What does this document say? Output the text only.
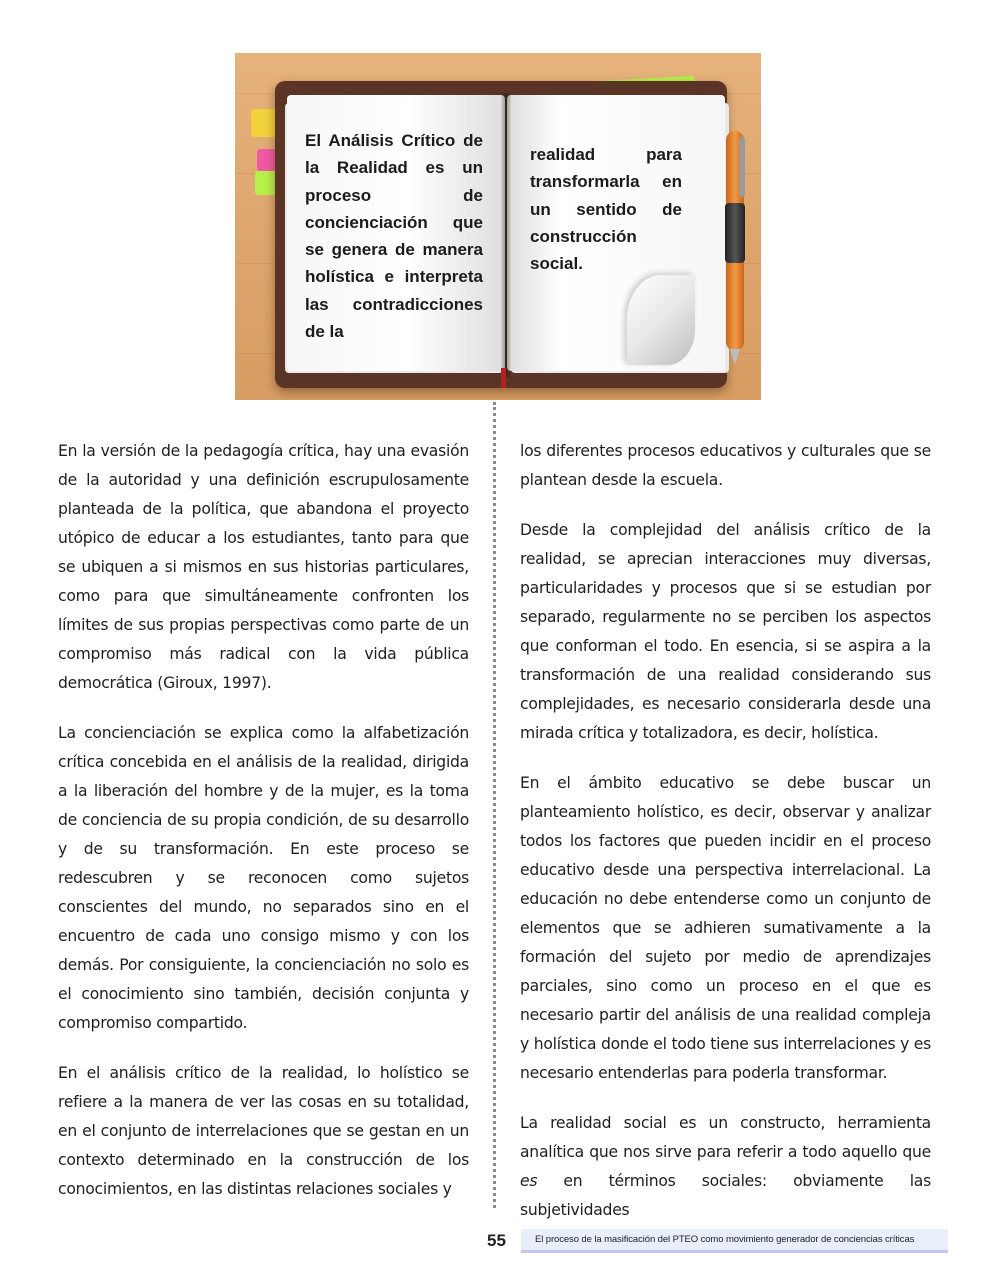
El Análisis Crítico de la Realidad es un proceso de concienciación que se genera de manera holística e interpreta las contradicciones de la

realidad para transformarla en un sentido de construcción social.

En la versión de la pedagogía crítica, hay una evasión de la autoridad y una definición escrupulosamente planteada de la política, que abandona el proyecto utópico de educar a los estudiantes, tanto para que se ubiquen a si mismos en sus historias particulares, como para que simultáneamente confronten los límites de sus propias perspectivas como parte de un compromiso más radical con la vida pública democrática (Giroux, 1997).

La concienciación se explica como la alfabetización crítica concebida en el análisis de la realidad, dirigida a la liberación del hombre y de la mujer, es la toma de conciencia de su propia condición, de su desarrollo y de su transformación. En este proceso se redescubren y se reconocen como sujetos conscientes del mundo, no separados sino en el encuentro de cada uno consigo mismo y con los demás. Por consiguiente, la concienciación no solo es el conocimiento sino también, decisión conjunta y compromiso compartido.

En el análisis crítico de la realidad, lo holístico se refiere a la manera de ver las cosas en su totalidad, en el conjunto de interrelaciones que se gestan en un contexto determinado en la construcción de los conocimientos, en las distintas relaciones sociales y

los diferentes procesos educativos y culturales que se plantean desde la escuela.

Desde la complejidad del análisis crítico de la realidad, se aprecian interacciones muy diversas, particularidades y procesos que si se estudian por separado, regularmente no se perciben los aspectos que conforman el todo. En esencia, si se aspira a la transformación de una realidad considerando sus complejidades, es necesario considerarla desde una mirada crítica y totalizadora, es decir, holística.

En el ámbito educativo se debe buscar un planteamiento holístico, es decir, observar y analizar todos los factores que pueden incidir en el proceso educativo desde una perspectiva interrelacional. La educación no debe entenderse como un conjunto de elementos que se adhieren sumativamente a la formación del sujeto por medio de aprendizajes parciales, sino como un proceso en el que es necesario partir del análisis de una realidad compleja y holística donde el todo tiene sus interrelaciones y es necesario entenderlas para poderla transformar.

La realidad social es un constructo, herramienta analítica que nos sirve para referir a todo aquello que es en términos sociales: obviamente las subjetividades

55	El proceso de la masificación del PTEO como movimiento generador de conciencias críticas
